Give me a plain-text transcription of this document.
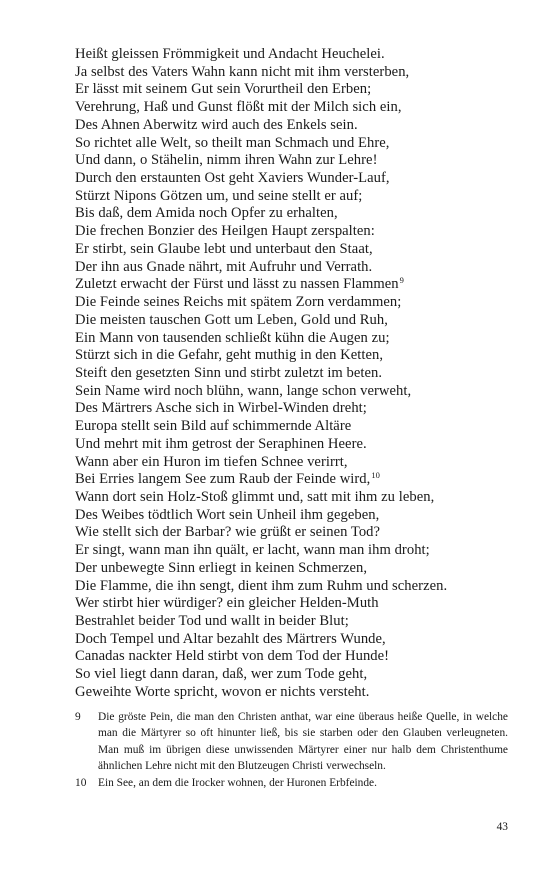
Heißt gleissen Frömmigkeit und Andacht Heuchelei.
Ja selbst des Vaters Wahn kann nicht mit ihm versterben,
Er lässt mit seinem Gut sein Vorurtheil den Erben;
Verehrung, Haß und Gunst flößt mit der Milch sich ein,
Des Ahnen Aberwitz wird auch des Enkels sein.
So richtet alle Welt, so theilt man Schmach und Ehre,
Und dann, o Stähelin, nimm ihren Wahn zur Lehre!
Durch den erstaunten Ost geht Xaviers Wunder-Lauf,
Stürzt Nipons Götzen um, und seine stellt er auf;
Bis daß, dem Amida noch Opfer zu erhalten,
Die frechen Bonzier des Heilgen Haupt zerspalten:
Er stirbt, sein Glaube lebt und unterbaut den Staat,
Der ihn aus Gnade nährt, mit Aufruhr und Verrath.
Zuletzt erwacht der Fürst und lässt zu nassen Flammen$^9$
Die Feinde seines Reichs mit spätem Zorn verdammen;
Die meisten tauschen Gott um Leben, Gold und Ruh,
Ein Mann von tausenden schließt kühn die Augen zu;
Stürzt sich in die Gefahr, geht muthig in den Ketten,
Steift den gesetzten Sinn und stirbt zuletzt im beten.
Sein Name wird noch blühn, wann, lange schon verweht,
Des Märtrers Asche sich in Wirbel-Winden dreht;
Europa stellt sein Bild auf schimmernde Altäre
Und mehrt mit ihm getrost der Seraphinen Heere.
Wann aber ein Huron im tiefen Schnee verirrt,
Bei Erries langem See zum Raub der Feinde wird,$^{10}$
Wann dort sein Holz-Stoß glimmt und, satt mit ihm zu leben,
Des Weibes tödtlich Wort sein Unheil ihm gegeben,
Wie stellt sich der Barbar? wie grüßt er seinen Tod?
Er singt, wann man ihn quält, er lacht, wann man ihm droht;
Der unbewegte Sinn erliegt in keinen Schmerzen,
Die Flamme, die ihn sengt, dient ihm zum Ruhm und scherzen.
Wer stirbt hier würdiger? ein gleicher Helden-Muth
Bestrahlet beider Tod und wallt in beider Blut;
Doch Tempel und Altar bezahlt des Märtrers Wunde,
Canadas nackter Held stirbt von dem Tod der Hunde!
So viel liegt dann daran, daß, wer zum Tode geht,
Geweihte Worte spricht, wovon er nichts versteht.
9 Die gröste Pein, die man den Christen anthat, war eine überaus heiße Quelle, in welche man die Märtyrer so oft hinunter ließ, bis sie starben oder den Glauben verleugneten. Man muß im übrigen diese unwissenden Märtyrer einer nur halb dem Christenthume ähnlichen Lehre nicht mit den Blutzeugen Christi verwechseln.
10 Ein See, an dem die Irocker wohnen, der Huronen Erbfeinde.
43
